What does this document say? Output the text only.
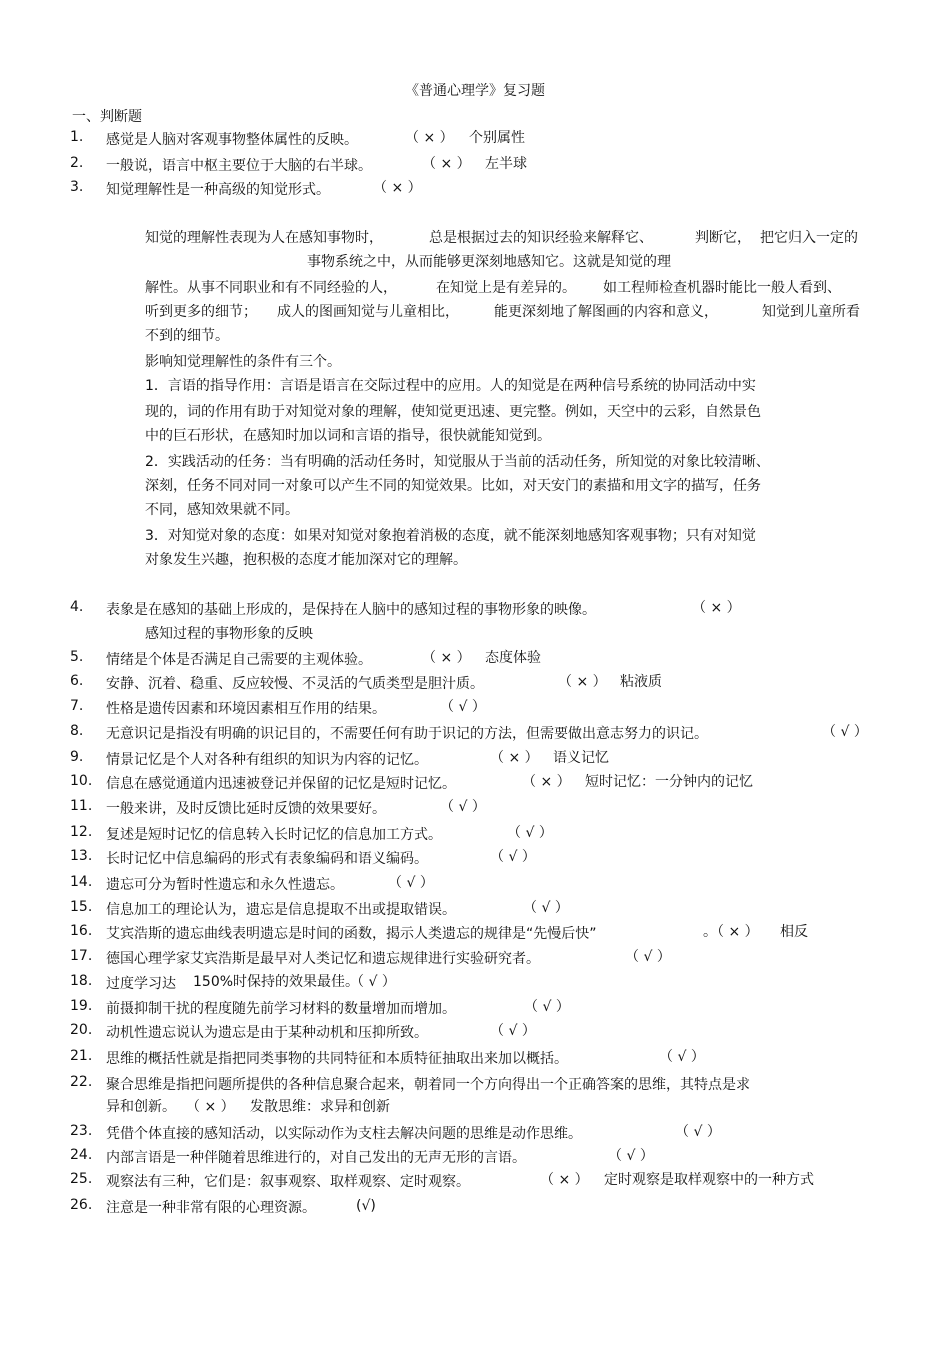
《普通心理学》复习题
一、判断题
1.	感觉是人脑对客观事物整体属性的反映。	（ × ） 个别属性
2.	一般说，语言中枢主要位于大脑的右半球。	（ × ） 左半球
3.	知觉理解性是一种高级的知觉形式。	（ × ）
知觉的理解性表现为人在感知事物时，	总是根据过去的知识经验来解释它、	判断它， 把它归入一定的
事物系统之中，从而能够更深刻地感知它。这就是知觉的理
解性。从事不同职业和有不同经验的人，	在知觉上是有差异的。 如工程师检查机器时能比一般人看到、
听到更多的细节； 成人的图画知觉与儿童相比，	能更深刻地了解图画的内容和意义，	知觉到儿童所看
不到的细节。
影响知觉理解性的条件有三个。
1．言语的指导作用：言语是语言在交际过程中的应用。人的知觉是在两种信号系统的协同活动中实
现的，词的作用有助于对知觉对象的理解，使知觉更迅速、更完整。例如，天空中的云彩，自然景色
中的巨石形状，在感知时加以词和言语的指导，很快就能知觉到。
2．实践活动的任务：当有明确的活动任务时，知觉服从于当前的活动任务，所知觉的对象比较清晰、
深刻，任务不同对同一对象可以产生不同的知觉效果。比如，对天安门的素描和用文字的描写，任务
不同，感知效果就不同。
3．对知觉对象的态度：如果对知觉对象抱着消极的态度，就不能深刻地感知客观事物；只有对知觉
对象发生兴趣，抱积极的态度才能加深对它的理解。
4.	表象是在感知的基础上形成的，是保持在人脑中的感知过程的事物形象的映像。	（ × ）
感知过程的事物形象的反映
5.	情绪是个体是否满足自己需要的主观体验。	（ × ） 态度体验
6.	安静、沉着、稳重、反应较慢、不灵活的气质类型是胆汁质。	（ × ） 粘液质
7.	性格是遗传因素和环境因素相互作用的结果。	（ √ ）
8.	无意识记是指没有明确的识记目的，不需要任何有助于识记的方法，但需要做出意志努力的识记。	（ √ ）
9.	情景记忆是个人对各种有组织的知识为内容的记忆。	（ × ） 语义记忆
10. 信息在感觉通道内迅速被登记并保留的记忆是短时记忆。	（ × ） 短时记忆：一分钟内的记忆
11. 一般来讲，及时反馈比延时反馈的效果要好。	（ √ ）
12. 复述是短时记忆的信息转入长时记忆的信息加工方式。	（ √ ）
13. 长时记忆中信息编码的形式有表象编码和语义编码。	（ √ ）
14. 遗忘可分为暂时性遗忘和永久性遗忘。	（ √ ）
15. 信息加工的理论认为，遗忘是信息提取不出或提取错误。	（ √ ）
16. 艾宾浩斯的遗忘曲线表明遗忘是时间的函数，揭示人类遗忘的规律是“先慢后快”	。（ × ） 相反
17. 德国心理学家艾宾浩斯是最早对人类记忆和遗忘规律进行实验研究者。	（ √ ）
18. 过度学习达 150%时保持的效果最佳。
（ √ ）
19. 前摄抑制干扰的程度随先前学习材料的数量增加而增加。	（ √ ）
20. 动机性遗忘说认为遗忘是由于某种动机和压抑所致。	（ √ ）
21. 思维的概括性就是指把同类事物的共同特征和本质特征抽取出来加以概括。	（ √ ）
22. 聚合思维是指把问题所提供的各种信息聚合起来，朝着同一个方向得出一个正确答案的思维，其特点是求
异和创新。 （ × ） 发散思维：求异和创新
23. 凭借个体直接的感知活动，以实际动作为支柱去解决问题的思维是动作思维。	（ √ ）
24. 内部言语是一种伴随着思维进行的，对自己发出的无声无形的言语。	（ √ ）
25. 观察法有三种，它们是：叙事观察、取样观察、定时观察。	（ × ） 定时观察是取样观察中的一种方式
26. 注意是一种非常有限的心理资源。	(√)
